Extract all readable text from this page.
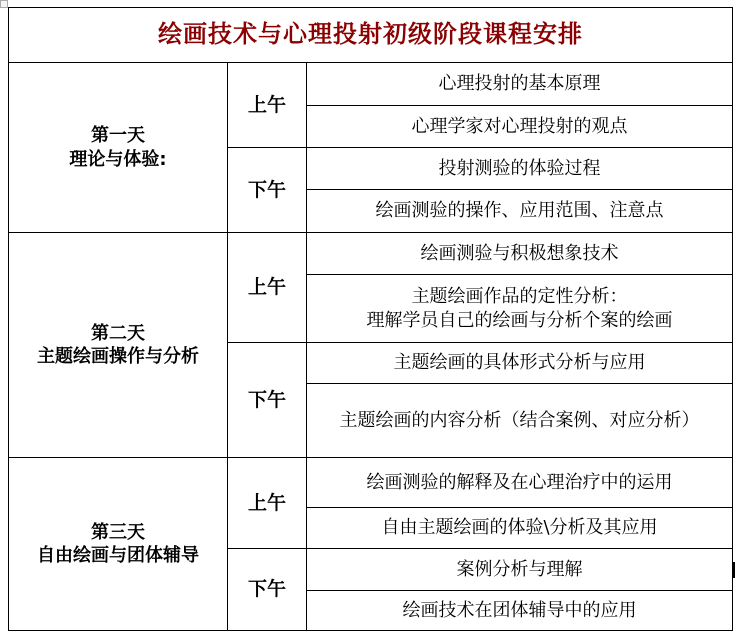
绘画技术与心理投射初级阶段课程安排		

第一天
理论与体验:	上午	心理投射的基本原理
		心理学家对心理投射的观点
	下午	投射测验的体验过程
		绘画测验的操作、应用范围、注意点

第二天
主题绘画操作与分析	上午	绘画测验与积极想象技术

		主题绘画作品的定性分析：
理解学员自己的绘画与分析个案的绘画

	下午	主题绘画的具体形式分析与应用
		主题绘画的内容分析（结合案例、对应分析）

第三天
自由绘画与团体辅导	上午	绘画测验的解释及在心理治疗中的运用
		自由主题绘画的体验\分析及其应用
	下午	案例分析与理解
		绘画技术在团体辅导中的应用
